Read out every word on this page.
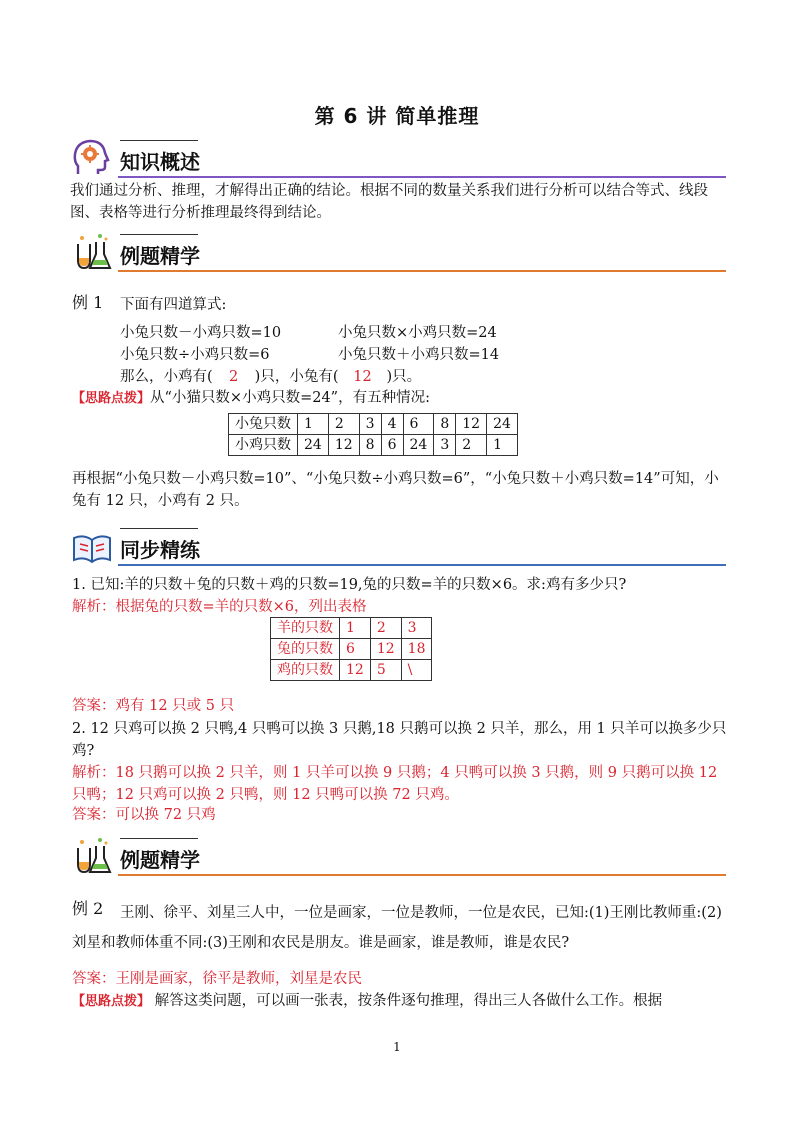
第 6 讲 简单推理
知识概述
我们通过分析、推理，才解得出正确的结论。根据不同的数量关系我们进行分析可以结合等式、线段图、表格等进行分析推理最终得到结论。
例题精学
例 1 下面有四道算式:
小兔只数－小鸡只数=10	小兔只数×小鸡只数=24
小兔只数÷小鸡只数=6	小兔只数＋小鸡只数=14
那么，小鸡有( 2 )只，小兔有( 12 )只。
【思路点拨】从“小猫只数×小鸡只数=24”，有五种情况:
小兔只数	1	2	3	4	6	8	12	24
小鸡只数	24	12	8	6	24	3	2	1
再根据“小兔只数－小鸡只数=10”、“小兔只数÷小鸡只数=6”，“小兔只数＋小鸡只数=14”可知，小兔有 12 只，小鸡有 2 只。
同步精练
1. 已知:羊的只数＋兔的只数＋鸡的只数=19,兔的只数=羊的只数×6。求:鸡有多少只?
解析：根据兔的只数=羊的只数×6，列出表格
羊的只数	1	2	3
兔的只数	6	12	18
鸡的只数	12	5	\
答案：鸡有 12 只或 5 只
2. 12 只鸡可以换 2 只鸭,4 只鸭可以换 3 只鹅,18 只鹅可以换 2 只羊，那么，用 1 只羊可以换多少只鸡?
解析：18 只鹅可以换 2 只羊，则 1 只羊可以换 9 只鹅；4 只鸭可以换 3 只鹅，则 9 只鹅可以换 12 只鸭；12 只鸡可以换 2 只鸭，则 12 只鸭可以换 72 只鸡。
答案：可以换 72 只鸡
例题精学
例 2	王刚、徐平、刘星三人中，一位是画家，一位是教师，一位是农民，已知:(1)王刚比教师重:(2)刘星和教师体重不同:(3)王刚和农民是朋友。谁是画家，谁是教师，谁是农民?
答案：王刚是画家，徐平是教师，刘星是农民
【思路点拨】 解答这类问题，可以画一张表，按条件逐句推理，得出三人各做什么工作。根据
1
